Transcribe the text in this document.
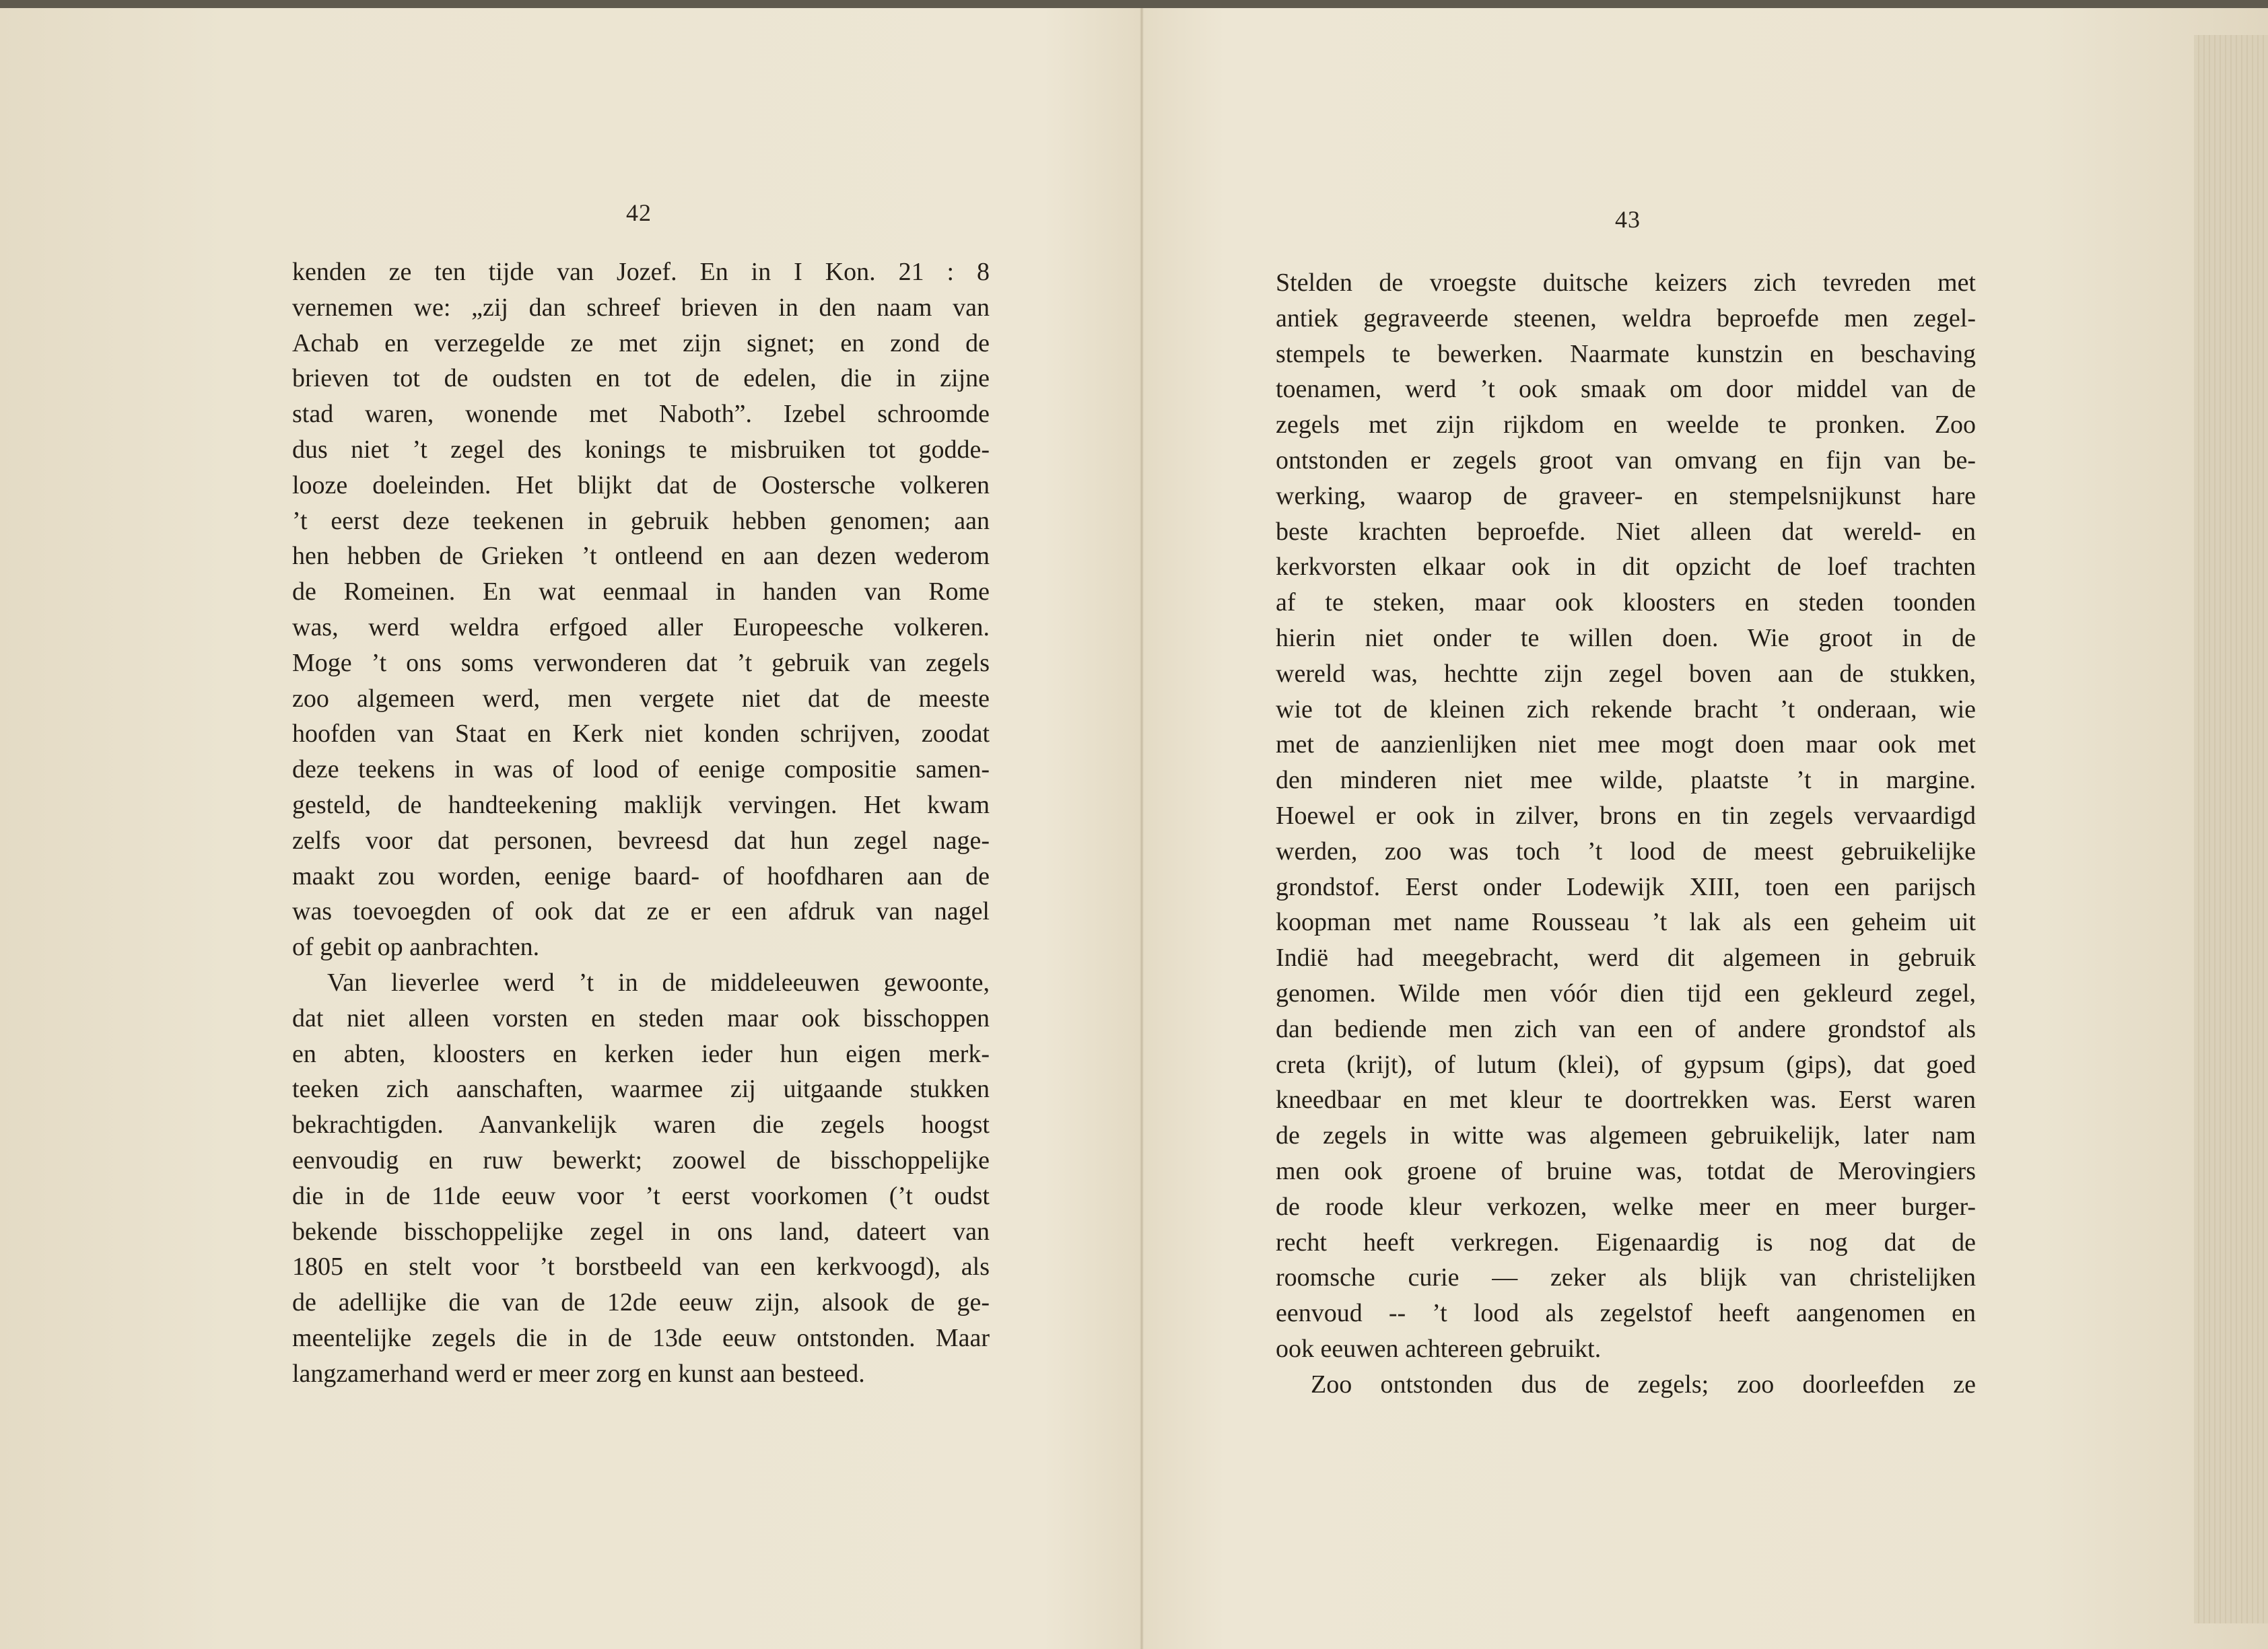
42
kenden ze ten tijde van Jozef. En in I Kon. 21 : 8
vernemen we: „zij dan schreef brieven in den naam van
Achab en verzegelde ze met zijn signet; en zond de
brieven tot de oudsten en tot de edelen, die in zijne
stad waren, wonende met Naboth”. Izebel schroomde
dus niet ’t zegel des konings te misbruiken tot godde-
looze doeleinden. Het blijkt dat de Oostersche volkeren
’t eerst deze teekenen in gebruik hebben genomen; aan
hen hebben de Grieken ’t ontleend en aan dezen wederom
de Romeinen. En wat eenmaal in handen van Rome
was, werd weldra erfgoed aller Europeesche volkeren.
Moge ’t ons soms verwonderen dat ’t gebruik van zegels
zoo algemeen werd, men vergete niet dat de meeste
hoofden van Staat en Kerk niet konden schrijven, zoodat
deze teekens in was of lood of eenige compositie samen-
gesteld, de handteekening maklijk vervingen. Het kwam
zelfs voor dat personen, bevreesd dat hun zegel nage-
maakt zou worden, eenige baard- of hoofdharen aan de
was toevoegden of ook dat ze er een afdruk van nagel
of gebit op aanbrachten.
Van lieverlee werd ’t in de middeleeuwen gewoonte,
dat niet alleen vorsten en steden maar ook bisschoppen
en abten, kloosters en kerken ieder hun eigen merk-
teeken zich aanschaften, waarmee zij uitgaande stukken
bekrachtigden. Aanvankelijk waren die zegels hoogst
eenvoudig en ruw bewerkt; zoowel de bisschoppelijke
die in de 11de eeuw voor ’t eerst voorkomen (’t oudst
bekende bisschoppelijke zegel in ons land, dateert van
1805 en stelt voor ’t borstbeeld van een kerkvoogd), als
de adellijke die van de 12de eeuw zijn, alsook de ge-
meentelijke zegels die in de 13de eeuw ontstonden. Maar
langzamerhand werd er meer zorg en kunst aan besteed.
43
Stelden de vroegste duitsche keizers zich tevreden met
antiek gegraveerde steenen, weldra beproefde men zegel-
stempels te bewerken. Naarmate kunstzin en beschaving
toenamen, werd ’t ook smaak om door middel van de
zegels met zijn rijkdom en weelde te pronken. Zoo
ontstonden er zegels groot van omvang en fijn van be-
werking, waarop de graveer- en stempelsnijkunst hare
beste krachten beproefde. Niet alleen dat wereld- en
kerkvorsten elkaar ook in dit opzicht de loef trachten
af te steken, maar ook kloosters en steden toonden
hierin niet onder te willen doen. Wie groot in de
wereld was, hechtte zijn zegel boven aan de stukken,
wie tot de kleinen zich rekende bracht ’t onderaan, wie
met de aanzienlijken niet mee mogt doen maar ook met
den minderen niet mee wilde, plaatste ’t in margine.
Hoewel er ook in zilver, brons en tin zegels vervaardigd
werden, zoo was toch ’t lood de meest gebruikelijke
grondstof. Eerst onder Lodewijk XIII, toen een parijsch
koopman met name Rousseau ’t lak als een geheim uit
Indië had meegebracht, werd dit algemeen in gebruik
genomen. Wilde men vóór dien tijd een gekleurd zegel,
dan bediende men zich van een of andere grondstof als
creta (krijt), of lutum (klei), of gypsum (gips), dat goed
kneedbaar en met kleur te doortrekken was. Eerst waren
de zegels in witte was algemeen gebruikelijk, later nam
men ook groene of bruine was, totdat de Merovingiers
de roode kleur verkozen, welke meer en meer burger-
recht heeft verkregen. Eigenaardig is nog dat de
roomsche curie — zeker als blijk van christelijken
eenvoud -- ’t lood als zegelstof heeft aangenomen en
ook eeuwen achtereen gebruikt.
Zoo ontstonden dus de zegels; zoo doorleefden ze
